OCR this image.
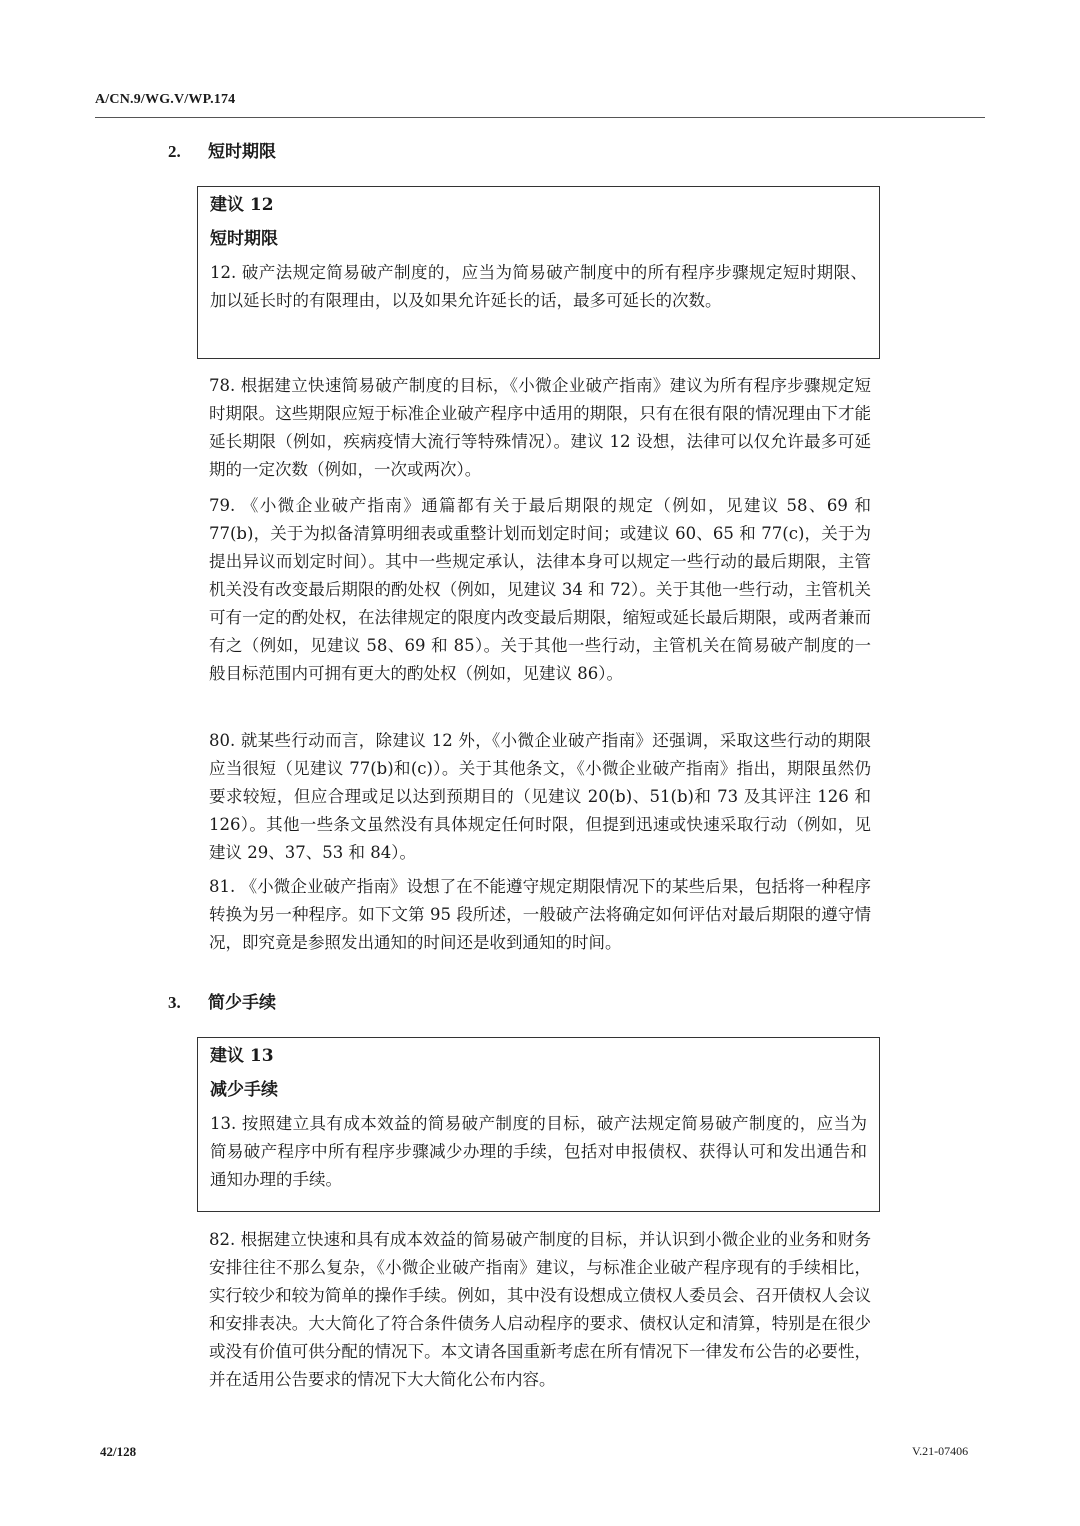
A/CN.9/WG.V/WP.174
2. 短时期限

建议 12

短时期限

12. 破产法规定简易破产制度的，应当为简易破产制度中的所有程序步骤规定短时期限、加以延长时的有限理由，以及如果允许延长的话，最多可延长的次数。

78. 根据建立快速简易破产制度的目标，《小微企业破产指南》建议为所有程序步骤规定短时期限。这些期限应短于标准企业破产程序中适用的期限，只有在很有限的情况理由下才能延长期限（例如，疾病疫情大流行等特殊情况）。建议 12 设想，法律可以仅允许最多可延期的一定次数（例如，一次或两次）。

79. 《小微企业破产指南》通篇都有关于最后期限的规定（例如，见建议 58、69 和 77(b)，关于为拟备清算明细表或重整计划而划定时间；或建议 60、65 和 77(c)，关于为提出异议而划定时间）。其中一些规定承认，法律本身可以规定一些行动的最后期限，主管机关没有改变最后期限的酌处权（例如，见建议 34 和 72）。关于其他一些行动，主管机关可有一定的酌处权，在法律规定的限度内改变最后期限，缩短或延长最后期限，或两者兼而有之（例如，见建议 58、69 和 85）。关于其他一些行动，主管机关在简易破产制度的一般目标范围内可拥有更大的酌处权（例如，见建议 86）。

80. 就某些行动而言，除建议 12 外，《小微企业破产指南》还强调，采取这些行动的期限应当很短（见建议 77(b)和(c)）。关于其他条文，《小微企业破产指南》指出，期限虽然仍要求较短，但应合理或足以达到预期目的（见建议 20(b)、51(b)和 73 及其评注 126 和 126）。其他一些条文虽然没有具体规定任何时限，但提到迅速或快速采取行动（例如，见建议 29、37、53 和 84）。

81. 《小微企业破产指南》设想了在不能遵守规定期限情况下的某些后果，包括将一种程序转换为另一种程序。如下文第 95 段所述，一般破产法将确定如何评估对最后期限的遵守情况，即究竟是参照发出通知的时间还是收到通知的时间。

3. 简少手续

建议 13

减少手续

13. 按照建立具有成本效益的简易破产制度的目标，破产法规定简易破产制度的，应当为简易破产程序中所有程序步骤减少办理的手续，包括对申报债权、获得认可和发出通告和通知办理的手续。

82. 根据建立快速和具有成本效益的简易破产制度的目标，并认识到小微企业的业务和财务安排往往不那么复杂，《小微企业破产指南》建议，与标准企业破产程序现有的手续相比，实行较少和较为简单的操作手续。例如，其中没有设想成立债权人委员会、召开债权人会议和安排表决。大大简化了符合条件债务人启动程序的要求、债权认定和清算，特别是在很少或没有价值可供分配的情况下。本文请各国重新考虑在所有情况下一律发布公告的必要性，并在适用公告要求的情况下大大简化公布内容。

42/128	V.21-07406
